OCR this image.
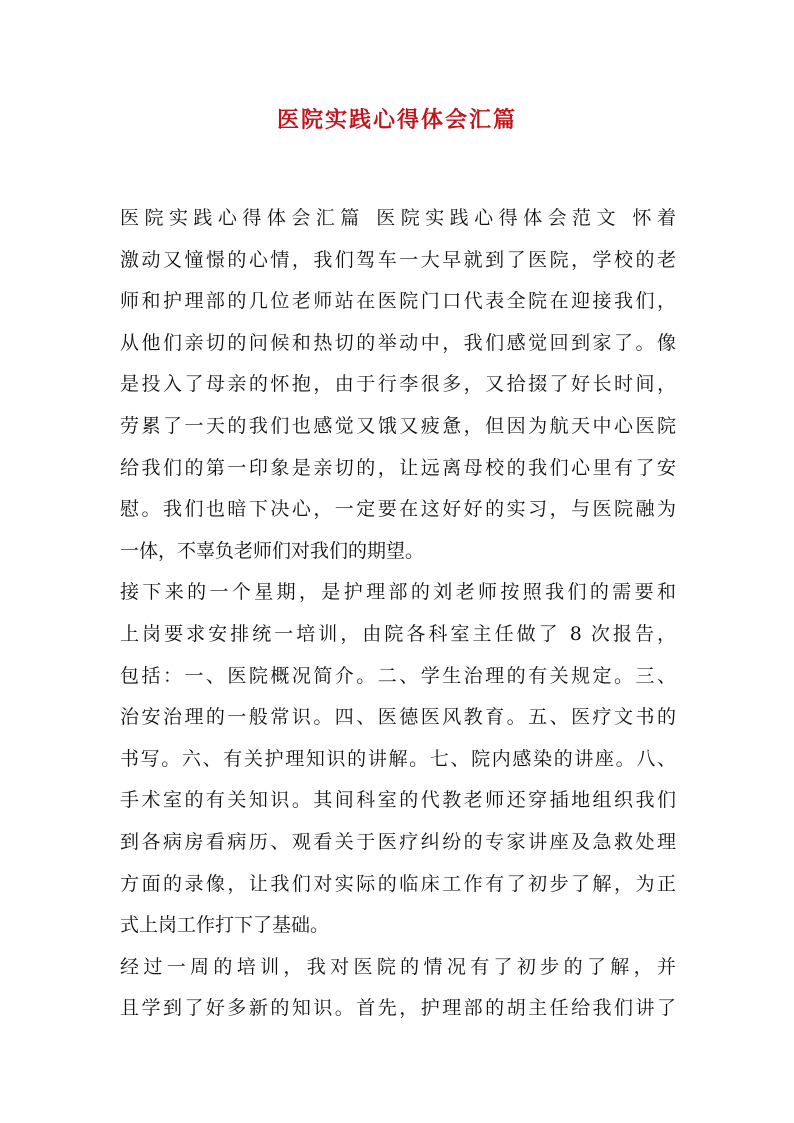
医院实践心得体会汇篇
医院实践心得体会汇篇 医院实践心得体会范文 怀着
激动又憧憬的心情，我们驾车一大早就到了医院，学校的老
师和护理部的几位老师站在医院门口代表全院在迎接我们，
从他们亲切的问候和热切的举动中，我们感觉回到家了。像
是投入了母亲的怀抱，由于行李很多，又拾掇了好长时间，
劳累了一天的我们也感觉又饿又疲惫，但因为航天中心医院
给我们的第一印象是亲切的，让远离母校的我们心里有了安
慰。我们也暗下决心，一定要在这好好的实习，与医院融为
一体，不辜负老师们对我们的期望。
接下来的一个星期，是护理部的刘老师按照我们的需要和
上岗要求安排统一培训，由院各科室主任做了 8 次报告，
包括：一、医院概况简介。二、学生治理的有关规定。三、
治安治理的一般常识。四、医德医风教育。五、医疗文书的
书写。六、有关护理知识的讲解。七、院内感染的讲座。八、
手术室的有关知识。其间科室的代教老师还穿插地组织我们
到各病房看病历、观看关于医疗纠纷的专家讲座及急救处理
方面的录像，让我们对实际的临床工作有了初步了解，为正
式上岗工作打下了基础。
经过一周的培训，我对医院的情况有了初步的了解，并
且学到了好多新的知识。首先，护理部的胡主任给我们讲了
